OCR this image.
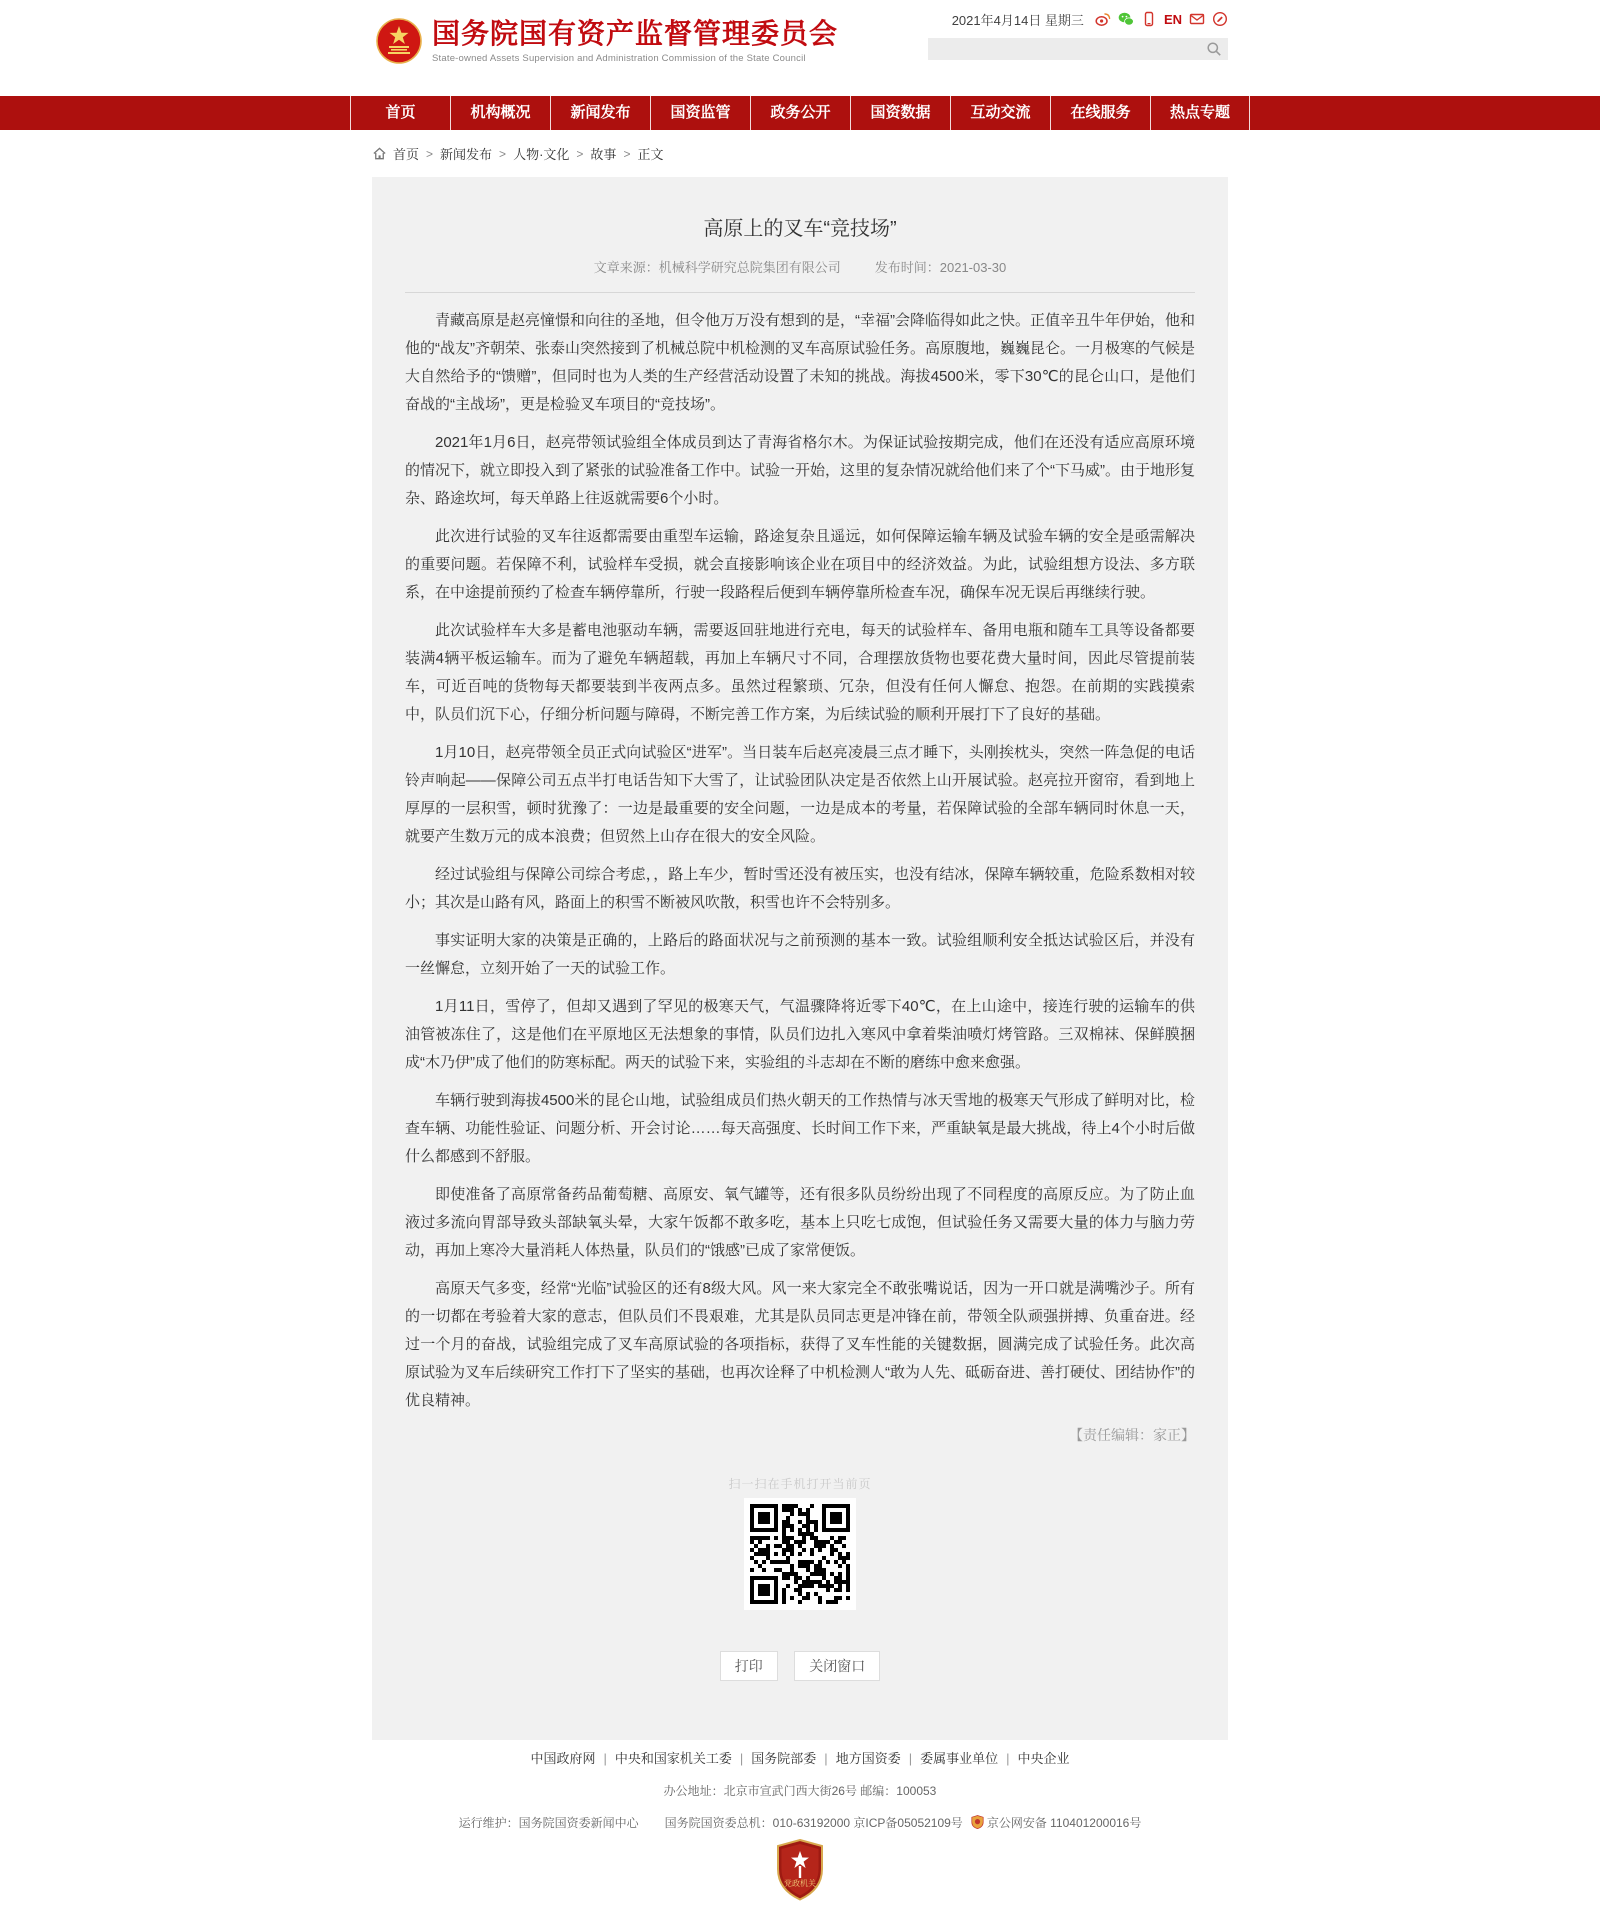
国务院国有资产监督管理委员会
State-owned Assets Supervision and Administration Commission of the State Council
2021年4月14日 星期三	EN
首页	机构概况	新闻发布	国资监管	政务公开	国资数据	互动交流	在线服务	热点专题
首页 > 新闻发布 > 人物·文化 > 故事 > 正文
高原上的叉车“竞技场”
文章来源：机械科学研究总院集团有限公司	发布时间：2021-03-30

青藏高原是赵亮憧憬和向往的圣地，但令他万万没有想到的是，“幸福”会降临得如此之快。正值辛丑牛年伊始，他和他的“战友”齐朝荣、张泰山突然接到了机械总院中机检测的叉车高原试验任务。高原腹地，巍巍昆仑。一月极寒的气候是大自然给予的“馈赠”，但同时也为人类的生产经营活动设置了未知的挑战。海拔4500米，零下30℃的昆仑山口，是他们奋战的“主战场”，更是检验叉车项目的“竞技场”。

2021年1月6日，赵亮带领试验组全体成员到达了青海省格尔木。为保证试验按期完成，他们在还没有适应高原环境的情况下，就立即投入到了紧张的试验准备工作中。试验一开始，这里的复杂情况就给他们来了个“下马威”。由于地形复杂、路途坎坷，每天单路上往返就需要6个小时。

此次进行试验的叉车往返都需要由重型车运输，路途复杂且遥远，如何保障运输车辆及试验车辆的安全是亟需解决的重要问题。若保障不利，试验样车受损，就会直接影响该企业在项目中的经济效益。为此，试验组想方设法、多方联系，在中途提前预约了检查车辆停靠所，行驶一段路程后便到车辆停靠所检查车况，确保车况无误后再继续行驶。

此次试验样车大多是蓄电池驱动车辆，需要返回驻地进行充电，每天的试验样车、备用电瓶和随车工具等设备都要装满4辆平板运输车。而为了避免车辆超载，再加上车辆尺寸不同，合理摆放货物也要花费大量时间，因此尽管提前装车，可近百吨的货物每天都要装到半夜两点多。虽然过程繁琐、冗杂，但没有任何人懈怠、抱怨。在前期的实践摸索中，队员们沉下心，仔细分析问题与障碍，不断完善工作方案，为后续试验的顺利开展打下了良好的基础。

1月10日，赵亮带领全员正式向试验区“进军”。当日装车后赵亮凌晨三点才睡下，头刚挨枕头，突然一阵急促的电话铃声响起——保障公司五点半打电话告知下大雪了，让试验团队决定是否依然上山开展试验。赵亮拉开窗帘，看到地上厚厚的一层积雪，顿时犹豫了：一边是最重要的安全问题，一边是成本的考量，若保障试验的全部车辆同时休息一天，就要产生数万元的成本浪费；但贸然上山存在很大的安全风险。

经过试验组与保障公司综合考虑，，路上车少，暂时雪还没有被压实，也没有结冰，保障车辆较重，危险系数相对较小；其次是山路有风，路面上的积雪不断被风吹散，积雪也许不会特别多。

事实证明大家的决策是正确的，上路后的路面状况与之前预测的基本一致。试验组顺利安全抵达试验区后，并没有一丝懈怠，立刻开始了一天的试验工作。

1月11日，雪停了，但却又遇到了罕见的极寒天气，气温骤降将近零下40℃，在上山途中，接连行驶的运输车的供油管被冻住了，这是他们在平原地区无法想象的事情，队员们边扎入寒风中拿着柴油喷灯烤管路。三双棉袜、保鲜膜捆成“木乃伊”成了他们的防寒标配。两天的试验下来，实验组的斗志却在不断的磨练中愈来愈强。

车辆行驶到海拔4500米的昆仑山地，试验组成员们热火朝天的工作热情与冰天雪地的极寒天气形成了鲜明对比，检查车辆、功能性验证、问题分析、开会讨论……每天高强度、长时间工作下来，严重缺氧是最大挑战，待上4个小时后做什么都感到不舒服。

即使准备了高原常备药品葡萄糖、高原安、氧气罐等，还有很多队员纷纷出现了不同程度的高原反应。为了防止血液过多流向胃部导致头部缺氧头晕，大家午饭都不敢多吃，基本上只吃七成饱，但试验任务又需要大量的体力与脑力劳动，再加上寒冷大量消耗人体热量，队员们的“饿感”已成了家常便饭。

高原天气多变，经常“光临”试验区的还有8级大风。风一来大家完全不敢张嘴说话，因为一开口就是满嘴沙子。所有的一切都在考验着大家的意志，但队员们不畏艰难，尤其是队员同志更是冲锋在前，带领全队顽强拼搏、负重奋进。经过一个月的奋战，试验组完成了叉车高原试验的各项指标，获得了叉车性能的关键数据，圆满完成了试验任务。此次高原试验为叉车后续研究工作打下了坚实的基础，也再次诠释了中机检测人“敢为人先、砥砺奋进、善打硬仗、团结协作”的优良精神。

【责任编辑：家正】
扫一扫在手机打开当前页
打印	关闭窗口
中国政府网 | 中央和国家机关工委 | 国务院部委 | 地方国资委 | 委属事业单位 | 中央企业
办公地址：北京市宣武门西大街26号 邮编：100053
运行维护：国务院国资委新闻中心 国务院国资委总机：010-63192000 京ICP备05052109号 京公网安备 110401200016号
党政机关
